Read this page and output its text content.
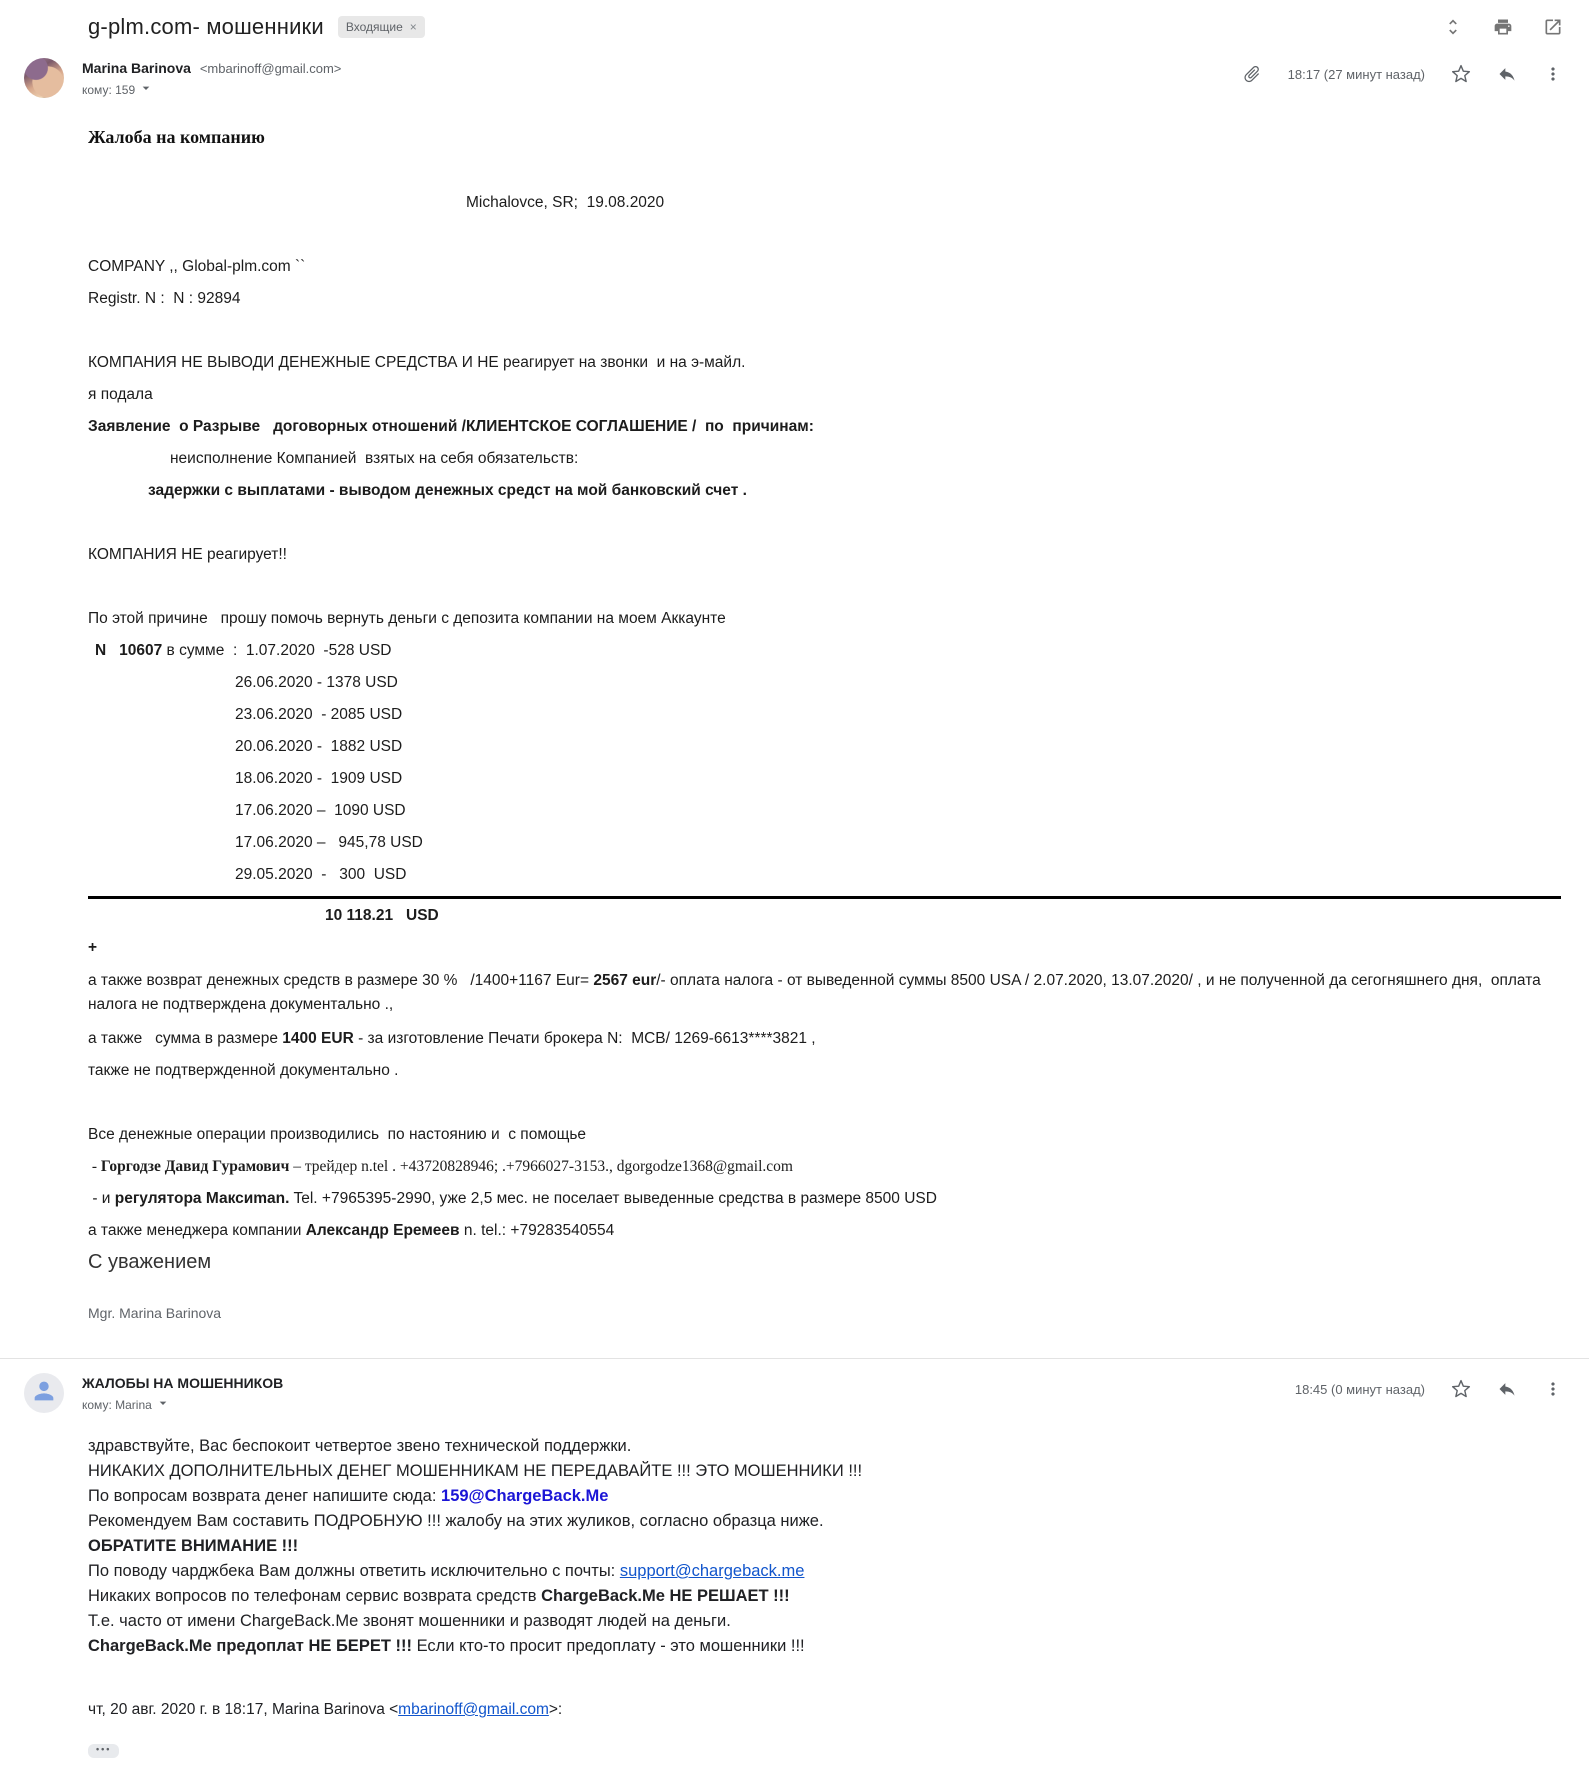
g-plm.com- мошенники Входящие ×
Marina Barinova <mbarinoff@gmail.com>
кому: 159
18:17 (27 минут назад)

Жалоба на компанию

Michalovce, SR;  19.08.2020

COMPANY ,, Global-plm.com ``

Registr. N :  N : 92894

КОМПАНИЯ НЕ ВЫВОДИ ДЕНЕЖНЫЕ СРЕДСТВА И НЕ реагирует на звонки  и на э-майл.

я подала

Заявление  о Разрыве   договорных отношений /КЛИЕНТСКОЕ СОГЛАШЕНИЕ /  по  причинам:

неисполнение Компанией  взятых на себя обязательств:

задержки с выплатами - выводом денежных средст на мой банковский счет .

КОМПАНИЯ НЕ реагирует!!

По этой причине   прошу помочь вернуть деньги с депозита компании на моем Аккаунте

N   10607 в сумме  :  1.07.2020  -528 USD

26.06.2020 - 1378 USD

23.06.2020  - 2085 USD

20.06.2020 -  1882 USD

18.06.2020 -  1909 USD

17.06.2020 –  1090 USD

17.06.2020 –   945,78 USD

29.05.2020  -   300  USD

10 118.21   USD

+

а также возврат денежных средств в размере 30 %   /1400+1167 Eur= 2567 eur/- оплата налога - от выведенной суммы 8500 USA / 2.07.2020, 13.07.2020/ , и не полученной да сегогняшнего дня,  оплата налога не подтверждена документально .,

а также   сумма в размере 1400 EUR - за изготовление Печати брокера N:  MCB/ 1269-6613****3821 ,

также не подтвержденной документально .

Все денежные операции производились  по настоянию и  с помощье

- Горгодзе Давид Гурамович – трейдер n.tel . +43720828946; .+7966027-3153., dgorgodze1368@gmail.com

- и регулятора Максиman. Tel. +7965395-2990, уже 2,5 мес. не поселает выведенные средства в размере 8500 USD

а также менеджера компании Александр Еремеев n. tel.: +79283540554

С уважением

Mgr. Marina Barinova

ЖАЛОБЫ НА МОШЕННИКОВ
кому: Marina
18:45 (0 минут назад)
здравствуйте, Вас беспокоит четвертое звено технической поддержки.
НИКАКИХ ДОПОЛНИТЕЛЬНЫХ ДЕНЕГ МОШЕННИКАМ НЕ ПЕРЕДАВАЙТЕ !!! ЭТО МОШЕННИКИ !!!
По вопросам возврата денег напишите сюда: 159@ChargeBack.Me
Рекомендуем Вам составить ПОДРОБНУЮ !!! жалобу на этих жуликов, согласно образца ниже.
ОБРАТИТЕ ВНИМАНИЕ !!!
По поводу чарджбека Вам должны ответить исключительно с почты: support@chargeback.me
Никаких вопросов по телефонам сервис возврата средств ChargeBack.Me НЕ РЕШАЕТ !!!
Т.е. часто от имени ChargeBack.Me звонят мошенники и разводят людей на деньги.
ChargeBack.Me предоплат НЕ БЕРЕТ !!! Если кто-то просит предоплату - это мошенники !!!
чт, 20 авг. 2020 г. в 18:17, Marina Barinova <mbarinoff@gmail.com>:
•••
